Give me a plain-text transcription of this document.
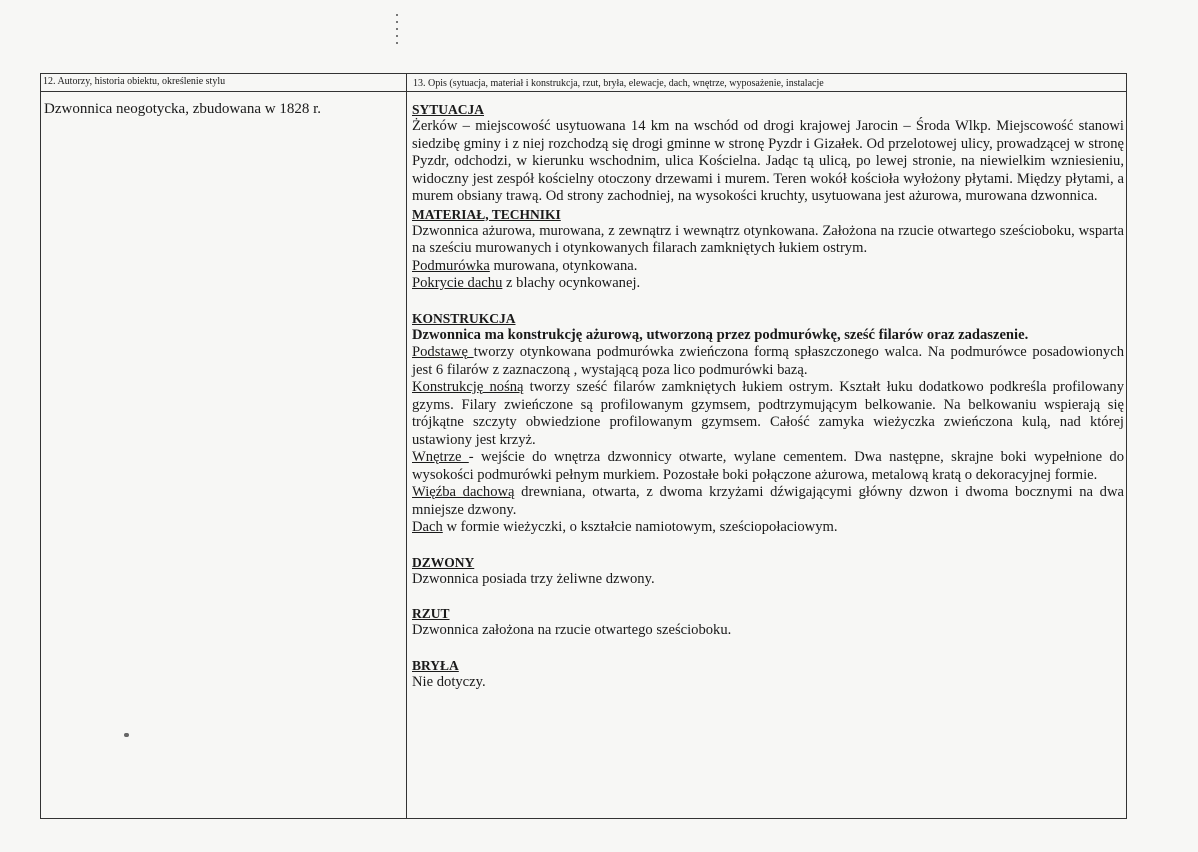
12. Autorzy, historia obiektu, określenie stylu	13. Opis (sytuacja, materiał i konstrukcja, rzut, bryła, elewacje, dach, wnętrze, wyposażenie, instalacje
Dzwonnica neogotycka, zbudowana w 1828 r.	SYTUACJA

Żerków – miejscowość usytuowana 14 km na wschód od drogi krajowej Jarocin – Środa Wlkp. Miejscowość stanowi siedzibę gminy i z niej rozchodzą się drogi gminne w stronę Pyzdr i Gizałek. Od przelotowej ulicy, prowadzącej w stronę Pyzdr, odchodzi, w kierunku wschodnim, ulica Kościelna. Jadąc tą ulicą, po lewej stronie, na niewielkim wzniesieniu, widoczny jest zespół kościelny otoczony drzewami i murem. Teren wokół kościoła wyłożony płytami. Między płytami, a murem obsiany trawą. Od strony zachodniej, na wysokości kruchty, usytuowana jest ażurowa, murowana dzwonnica.

MATERIAŁ, TECHNIKI

Dzwonnica ażurowa, murowana, z zewnątrz i wewnątrz otynkowana. Założona na rzucie otwartego sześcioboku, wsparta na sześciu murowanych i otynkowanych filarach zamkniętych łukiem ostrym.

Podmurówka murowana, otynkowana.

Pokrycie dachu z blachy ocynkowanej.

KONSTRUKCJA

Dzwonnica ma konstrukcję ażurową, utworzoną przez podmurówkę, sześć filarów oraz zadaszenie.

Podstawę tworzy otynkowana podmurówka zwieńczona formą spłaszczonego walca. Na podmurówce posadowionych jest 6 filarów z zaznaczoną , wystającą poza lico podmurówki bazą.

Konstrukcję nośną tworzy sześć filarów zamkniętych łukiem ostrym. Kształt łuku dodatkowo podkreśla profilowany gzyms. Filary zwieńczone są profilowanym gzymsem, podtrzymującym belkowanie. Na belkowaniu wspierają się trójkątne szczyty obwiedzione profilowanym gzymsem. Całość zamyka wieżyczka zwieńczona kulą, nad której ustawiony jest krzyż.

Wnętrze - wejście do wnętrza dzwonnicy otwarte, wylane cementem. Dwa następne, skrajne boki wypełnione do wysokości podmurówki pełnym murkiem. Pozostałe boki połączone ażurowa, metalową kratą o dekoracyjnej formie.

Więźba dachową drewniana, otwarta, z dwoma krzyżami dźwigającymi główny dzwon i dwoma bocznymi na dwa mniejsze dzwony.

Dach w formie wieżyczki, o kształcie namiotowym, sześciopołaciowym.

DZWONY

Dzwonnica posiada trzy żeliwne dzwony.

RZUT

Dzwonnica założona na rzucie otwartego sześcioboku.

BRYŁA

Nie dotyczy.
